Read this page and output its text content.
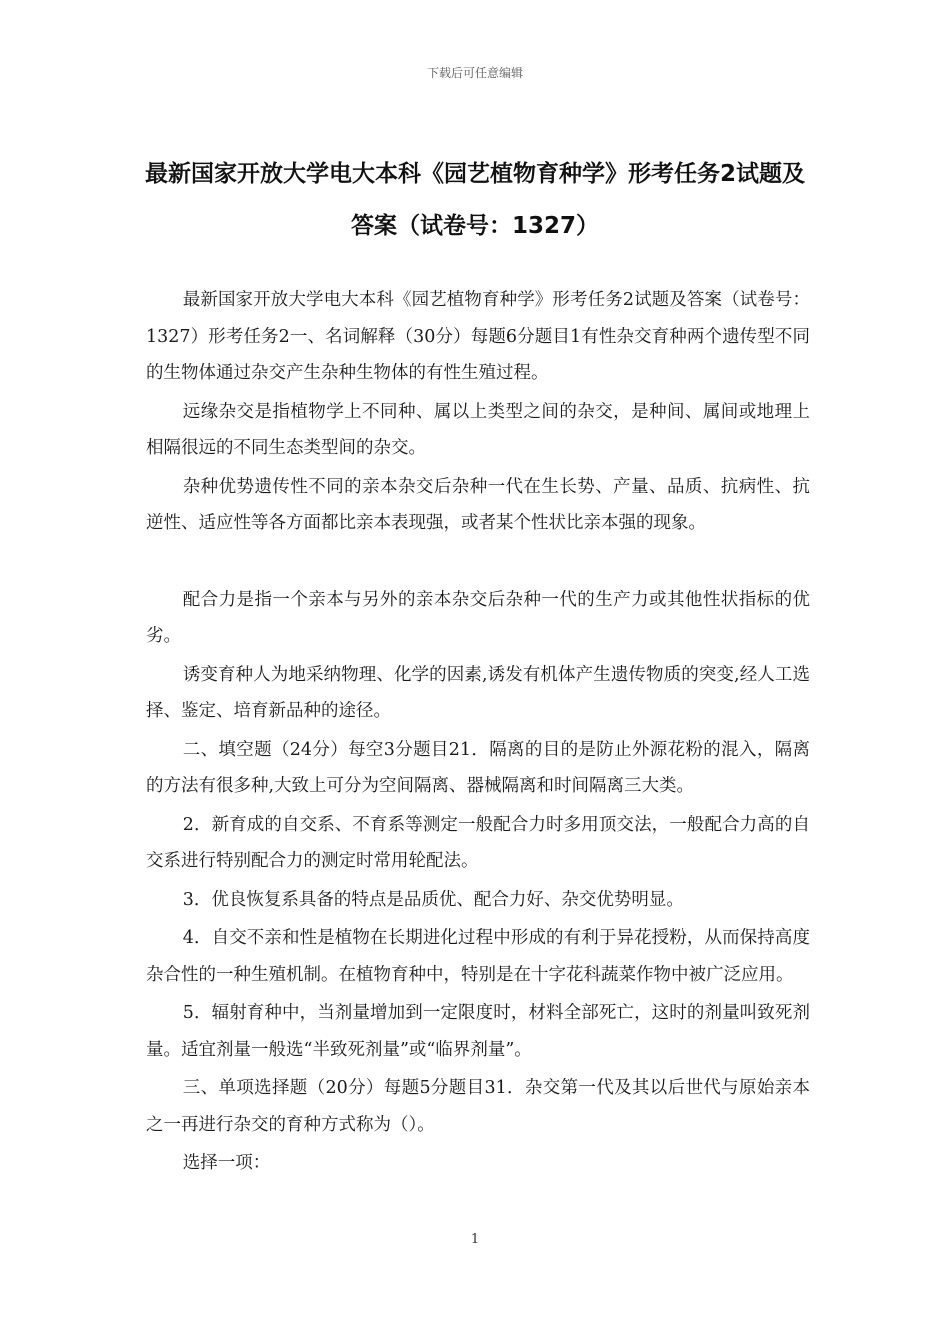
下载后可任意编辑
最新国家开放大学电大本科《园艺植物育种学》形考任务2试题及答案（试卷号：1327）

最新国家开放大学电大本科《园艺植物育种学》形考任务2试题及答案（试卷号：1327）形考任务2一、名词解释（30分）每题6分题目1有性杂交育种两个遗传型不同的生物体通过杂交产生杂种生物体的有性生殖过程。

远缘杂交是指植物学上不同种、属以上类型之间的杂交，是种间、属间或地理上相隔很远的不同生态类型间的杂交。

杂种优势遗传性不同的亲本杂交后杂种一代在生长势、产量、品质、抗病性、抗逆性、适应性等各方面都比亲本表现强，或者某个性状比亲本强的现象。

配合力是指一个亲本与另外的亲本杂交后杂种一代的生产力或其他性状指标的优劣。

诱变育种人为地采纳物理、化学的因素,诱发有机体产生遗传物质的突变,经人工选择、鉴定、培育新品种的途径。

二、填空题（24分）每空3分题目21．隔离的目的是防止外源花粉的混入，隔离的方法有很多种,大致上可分为空间隔离、器械隔离和时间隔离三大类。

2．新育成的自交系、不育系等测定一般配合力时多用顶交法，一般配合力高的自交系进行特别配合力的测定时常用轮配法。

3．优良恢复系具备的特点是品质优、配合力好、杂交优势明显。

4．自交不亲和性是植物在长期进化过程中形成的有利于异花授粉，从而保持高度杂合性的一种生殖机制。在植物育种中，特别是在十字花科蔬菜作物中被广泛应用。

5．辐射育种中，当剂量增加到一定限度时，材料全部死亡，这时的剂量叫致死剂量。适宜剂量一般选“半致死剂量”或“临界剂量”。

三、单项选择题（20分）每题5分题目31．杂交第一代及其以后世代与原始亲本之一再进行杂交的育种方式称为（）。

选择一项：

1
